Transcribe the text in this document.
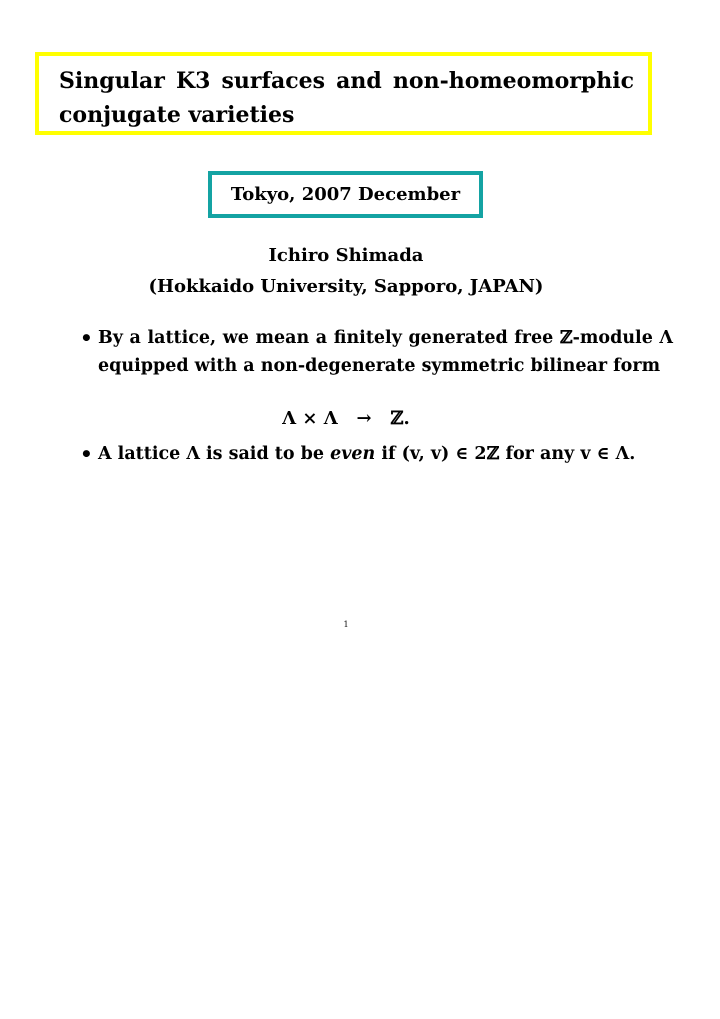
Singular K3 surfaces and non-homeomorphic conjugate varieties
Tokyo, 2007 December
Ichiro Shimada
(Hokkaido University, Sapporo, JAPAN)
• By a lattice, we mean a finitely generated free ℤ-module Λ equipped with a non-degenerate symmetric bilinear form
Λ × Λ   →   ℤ.
• A lattice Λ is said to be even if (v, v) ∈ 2ℤ for any v ∈ Λ.
1
